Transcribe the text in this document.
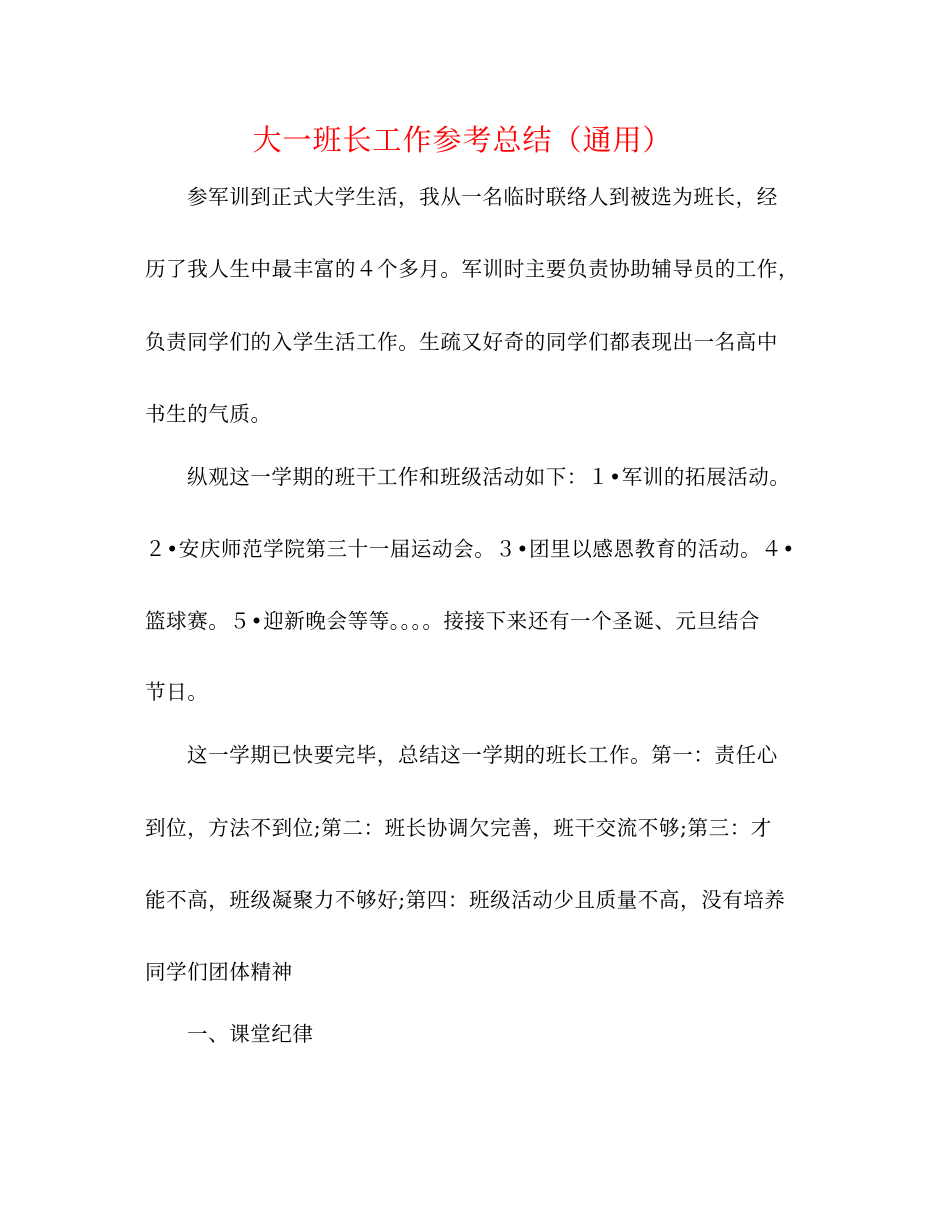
大一班长工作参考总结（通用）
参军训到正式大学生活，我从一名临时联络人到被选为班长，经
历了我人生中最丰富的４个多月。军训时主要负责协助辅导员的工作，
负责同学们的入学生活工作。生疏又好奇的同学们都表现出一名高中
书生的气质。
纵观这一学期的班干工作和班级活动如下：１•军训的拓展活动。
２•安庆师范学院第三十一届运动会。３•团里以感恩教育的活动。４•
篮球赛。５•迎新晚会等等。。。。接接下来还有一个圣诞、元旦结合
节日。
这一学期已快要完毕，总结这一学期的班长工作。第一：责任心
到位，方法不到位;第二：班长协调欠完善，班干交流不够;第三：才
能不高，班级凝聚力不够好;第四：班级活动少且质量不高，没有培养
同学们团体精神
一、课堂纪律
